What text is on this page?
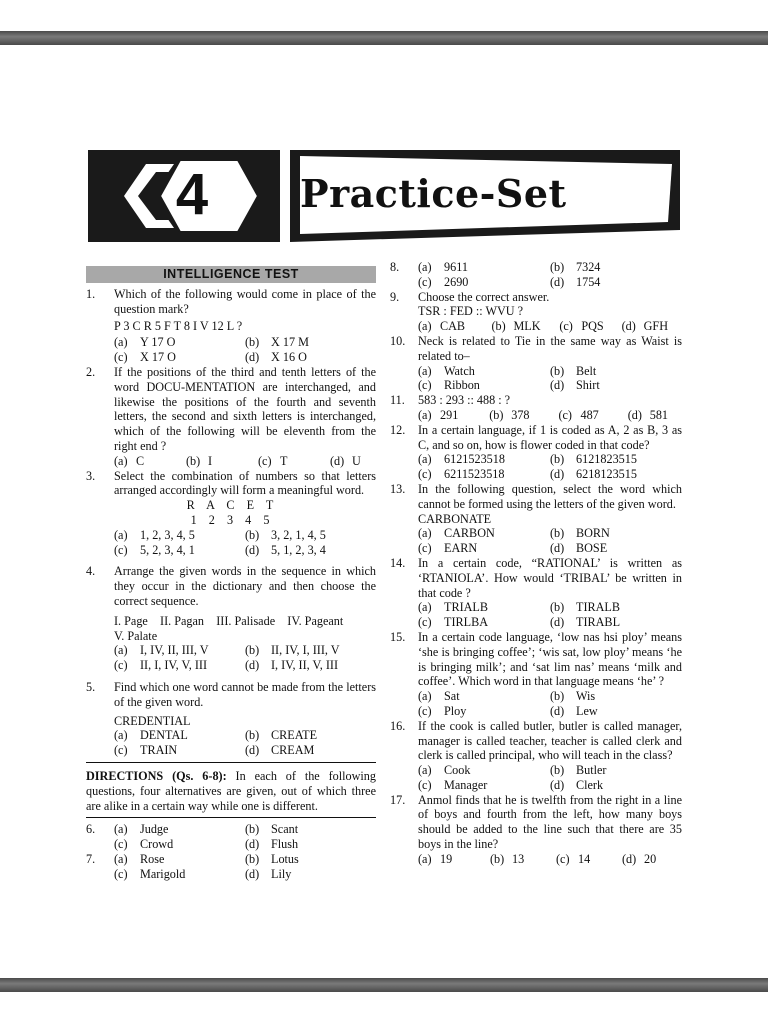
4	Practice-Set
INTELLIGENCE TEST
1.	Which of the following would come in place of the question mark?
P 3 C R 5 F T 8 I V 12 L ?
(a)	Y 17 O	(b) X 17 M
(c)	X 17 O	(d) X 16 O
2.	If the positions of the third and tenth letters of the word DOCU-MENTATION are interchanged, and likewise the positions of the fourth and seventh letters, the second and sixth letters is interchanged, which of the following will be eleventh from the right end ?
(a) C	(b) I	(c) T	(d) U
3.	Select the combination of numbers so that letters arranged accordingly will form a meaningful word.
R  A  C  E  T
1  2  3  4  5
(a)	1, 2, 3, 4, 5	(b) 3, 2, 1, 4, 5
(c)	5, 2, 3, 4, 1	(d) 5, 1, 2, 3, 4
4.	Arrange the given words in the sequence in which they occur in the dictionary and then choose the correct sequence.
I. Page    II. Pagan    III. Palisade    IV. Pageant
V. Palate
(a)	I, IV, II, III, V	(b) II, IV, I, III, V
(c)	II, I, IV, V, III	(d) I, IV, II, V, III
5.	Find which one word cannot be made from the letters of the given word.
CREDENTIAL
(a)	DENTAL	(b) CREATE
(c)	TRAIN	(d) CREAM
DIRECTIONS (Qs. 6-8): In each of the following questions, four alternatives are given, out of which three are alike in a certain way while one is different.
6.	(a)	Judge	(b) Scant
(c)	Crowd	(d) Flush
7.	(a)	Rose	(b) Lotus
(c)	Marigold	(d) Lily
8.	(a)	9611	(b) 7324
(c)	2690	(d) 1754
9.	Choose the correct answer.
TSR : FED :: WVU ?
(a) CAB (b) MLK (c) PQS (d) GFH
10.	Neck is related to Tie in the same way as Waist is related to–
(a)	Watch	(b) Belt
(c)	Ribbon	(d) Shirt
11.	583 : 293 :: 488 : ?
(a) 291	(b) 378 (c) 487 (d) 581
12.	In a certain language, if 1 is coded as A, 2 as B, 3 as C, and so on, how is flower coded in that code?
(a)	6121523518	(b) 6121823515
(c)	6211523518	(d) 6218123515
13.	In the following question, select the word which cannot be formed using the letters of the given word.
CARBONATE
(a)	CARBON	(b) BORN
(c)	EARN	(d) BOSE
14.	In a certain code, “RATIONAL’ is written as ‘RTANIOLA’. How would ‘TRIBAL’ be written in that code ?
(a)	TRIALB	(b) TIRALB
(c)	TIRLBA	(d) TIRABL
15.	In a certain code language, ‘low nas hsi ploy’ means ‘she is bringing coffee’; ‘wis sat, low ploy’ means ‘he is bringing milk’; and ‘sat lim nas’ means ‘milk and coffee’. Which word in that language means ‘he’ ?
(a)	Sat	(b) Wis
(c)	Ploy	(d) Lew
16.	If the cook is called butler, butler is called manager, manager is called teacher, teacher is called clerk and clerk is called principal, who will teach in the class?
(a)	Cook	(b) Butler
(c)	Manager	(d) Clerk
17.	Anmol finds that he is twelfth from the right in a line of boys and fourth from the left, how many boys should be added to the line such that there are 35 boys in the line?
(a) 19	(b) 13	(c) 14	(d) 20
